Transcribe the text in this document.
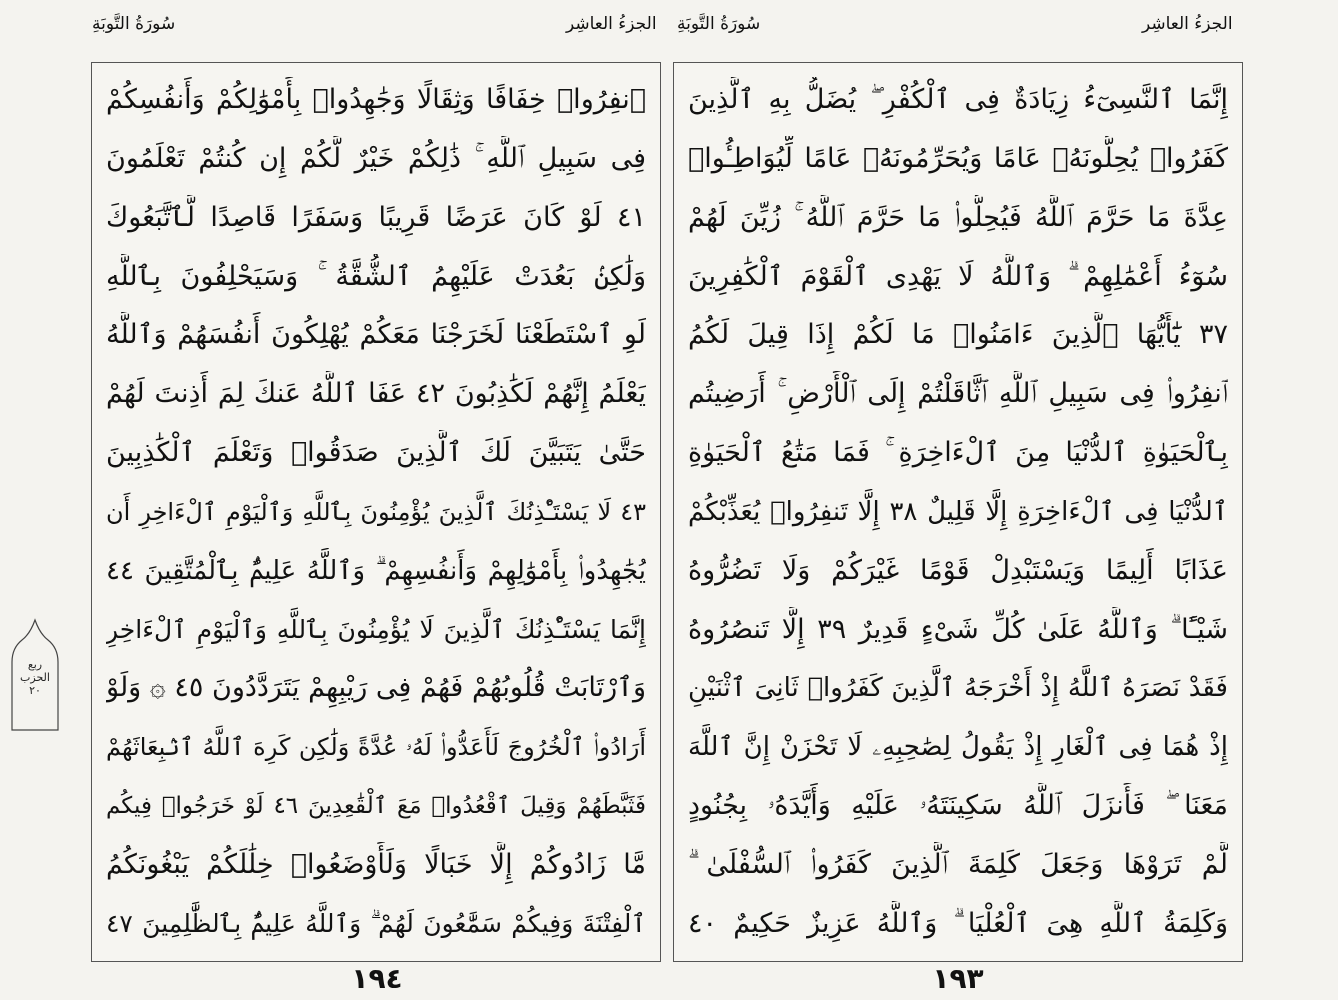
سُورَةُ التَّوبَةِ	الجزءُ العاشِر سُورَةُ التَّوبَةِ	الجزءُ العاشِر
ٱنفِرُوا۟ خِفَافًا وَثِقَالًا وَجَٰهِدُوا۟ بِأَمْوَٰلِكُمْ وَأَنفُسِكُمْ
فِى سَبِيلِ ٱللَّهِ ۚ ذَٰلِكُمْ خَيْرٌ لَّكُمْ إِن كُنتُمْ تَعْلَمُونَ
٤١ لَوْ كَانَ عَرَضًا قَرِيبًا وَسَفَرًا قَاصِدًا لَّٱتَّبَعُوكَ
وَلَٰكِنۢ بَعُدَتْ عَلَيْهِمُ ٱلشُّقَّةُ ۚ وَسَيَحْلِفُونَ بِٱللَّهِ
لَوِ ٱسْتَطَعْنَا لَخَرَجْنَا مَعَكُمْ يُهْلِكُونَ أَنفُسَهُمْ وَٱللَّهُ
يَعْلَمُ إِنَّهُمْ لَكَٰذِبُونَ ٤٢ عَفَا ٱللَّهُ عَنكَ لِمَ أَذِنتَ لَهُمْ
حَتَّىٰ يَتَبَيَّنَ لَكَ ٱلَّذِينَ صَدَقُوا۟ وَتَعْلَمَ ٱلْكَٰذِبِينَ
٤٣ لَا يَسْتَـْٔذِنُكَ ٱلَّذِينَ يُؤْمِنُونَ بِٱللَّهِ وَٱلْيَوْمِ ٱلْءَاخِرِ أَن
يُجَٰهِدُوا۟ بِأَمْوَٰلِهِمْ وَأَنفُسِهِمْ ۗ وَٱللَّهُ عَلِيمٌۢ بِٱلْمُتَّقِينَ ٤٤
إِنَّمَا يَسْتَـْٔذِنُكَ ٱلَّذِينَ لَا يُؤْمِنُونَ بِٱللَّهِ وَٱلْيَوْمِ ٱلْءَاخِرِ
وَٱرْتَابَتْ قُلُوبُهُمْ فَهُمْ فِى رَيْبِهِمْ يَتَرَدَّدُونَ ٤٥ ۞ وَلَوْ
أَرَادُوا۟ ٱلْخُرُوجَ لَأَعَدُّوا۟ لَهُۥ عُدَّةً وَلَٰكِن كَرِهَ ٱللَّهُ ٱنۢبِعَاثَهُمْ
فَثَبَّطَهُمْ وَقِيلَ ٱقْعُدُوا۟ مَعَ ٱلْقَٰعِدِينَ ٤٦ لَوْ خَرَجُوا۟ فِيكُم
مَّا زَادُوكُمْ إِلَّا خَبَالًا وَلَأَوْضَعُوا۟ خِلَٰلَكُمْ يَبْغُونَكُمُ
ٱلْفِتْنَةَ وَفِيكُمْ سَمَّٰعُونَ لَهُمْ ۗ وَٱللَّهُ عَلِيمٌۢ بِٱلظَّٰلِمِينَ ٤٧
إِنَّمَا ٱلنَّسِىٓءُ زِيَادَةٌ فِى ٱلْكُفْرِ ۖ يُضَلُّ بِهِ ٱلَّذِينَ
كَفَرُوا۟ يُحِلُّونَهُۥ عَامًا وَيُحَرِّمُونَهُۥ عَامًا لِّيُوَاطِـُٔوا۟
عِدَّةَ مَا حَرَّمَ ٱللَّهُ فَيُحِلُّوا۟ مَا حَرَّمَ ٱللَّهُ ۚ زُيِّنَ لَهُمْ
سُوٓءُ أَعْمَٰلِهِمْ ۗ وَٱللَّهُ لَا يَهْدِى ٱلْقَوْمَ ٱلْكَٰفِرِينَ
٣٧ يَٰٓأَيُّهَا ٱلَّذِينَ ءَامَنُوا۟ مَا لَكُمْ إِذَا قِيلَ لَكُمُ
ٱنفِرُوا۟ فِى سَبِيلِ ٱللَّهِ ٱثَّاقَلْتُمْ إِلَى ٱلْأَرْضِ ۚ أَرَضِيتُم
بِٱلْحَيَوٰةِ ٱلدُّنْيَا مِنَ ٱلْءَاخِرَةِ ۚ فَمَا مَتَٰعُ ٱلْحَيَوٰةِ
ٱلدُّنْيَا فِى ٱلْءَاخِرَةِ إِلَّا قَلِيلٌ ٣٨ إِلَّا تَنفِرُوا۟ يُعَذِّبْكُمْ
عَذَابًا أَلِيمًا وَيَسْتَبْدِلْ قَوْمًا غَيْرَكُمْ وَلَا تَضُرُّوهُ
شَيْـًٔا ۗ وَٱللَّهُ عَلَىٰ كُلِّ شَىْءٍ قَدِيرٌ ٣٩ إِلَّا تَنصُرُوهُ
فَقَدْ نَصَرَهُ ٱللَّهُ إِذْ أَخْرَجَهُ ٱلَّذِينَ كَفَرُوا۟ ثَانِىَ ٱثْنَيْنِ
إِذْ هُمَا فِى ٱلْغَارِ إِذْ يَقُولُ لِصَٰحِبِهِۦ لَا تَحْزَنْ إِنَّ ٱللَّهَ
مَعَنَا ۖ فَأَنزَلَ ٱللَّهُ سَكِينَتَهُۥ عَلَيْهِ وَأَيَّدَهُۥ بِجُنُودٍ
لَّمْ تَرَوْهَا وَجَعَلَ كَلِمَةَ ٱلَّذِينَ كَفَرُوا۟ ٱلسُّفْلَىٰ ۗ
وَكَلِمَةُ ٱللَّهِ هِىَ ٱلْعُلْيَا ۗ وَٱللَّهُ عَزِيزٌ حَكِيمٌ ٤٠
ربع
الحزب
٢٠
١٩٤	١٩٣
